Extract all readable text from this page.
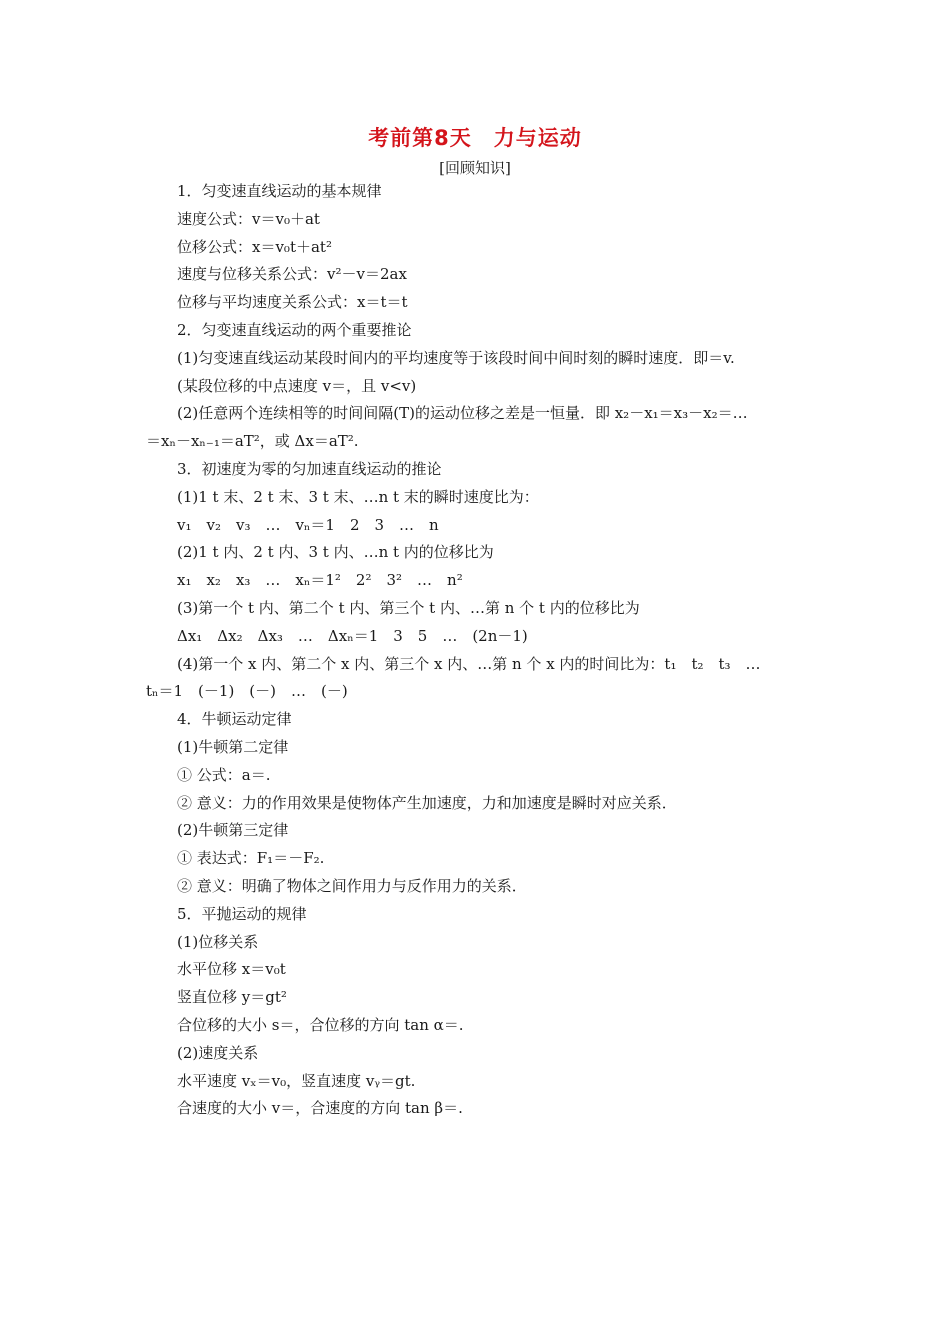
考前第8天　力与运动
[回顾知识]
1．匀变速直线运动的基本规律
速度公式：v＝v₀＋at
位移公式：x＝v₀t＋at²
速度与位移关系公式：v²－v＝2ax
位移与平均速度关系公式：x＝t＝t
2．匀变速直线运动的两个重要推论
(1)匀变速直线运动某段时间内的平均速度等于该段时间中间时刻的瞬时速度．即＝v.
(某段位移的中点速度 v＝，且 v<v)
(2)任意两个连续相等的时间间隔(T)的运动位移之差是一恒量．即 x₂－x₁＝x₃－x₂＝…
＝xₙ－xₙ₋₁＝aT²，或 Δx＝aT².
3．初速度为零的匀加速直线运动的推论
(1)1 t 末、2 t 末、3 t 末、…n t 末的瞬时速度比为：
v₁　v₂　v₃　…　vₙ＝1　2　3　…　n
(2)1 t 内、2 t 内、3 t 内、…n t 内的位移比为
x₁　x₂　x₃　…　xₙ＝1²　2²　3²　…　n²
(3)第一个 t 内、第二个 t 内、第三个 t 内、…第 n 个 t 内的位移比为
Δx₁　Δx₂　Δx₃　…　Δxₙ＝1　3　5　…　(2n－1)
(4)第一个 x 内、第二个 x 内、第三个 x 内、…第 n 个 x 内的时间比为：t₁　t₂　t₃　…
tₙ＝1　(－1)　(－)　…　(－)
4．牛顿运动定律
(1)牛顿第二定律
① 公式：a＝.
② 意义：力的作用效果是使物体产生加速度，力和加速度是瞬时对应关系．
(2)牛顿第三定律
① 表达式：F₁＝－F₂.
② 意义：明确了物体之间作用力与反作用力的关系．
5．平抛运动的规律
(1)位移关系
水平位移 x＝v₀t
竖直位移 y＝gt²
合位移的大小 s＝，合位移的方向 tan α＝.
(2)速度关系
水平速度 vₓ＝v₀，竖直速度 vᵧ＝gt.
合速度的大小 v＝，合速度的方向 tan β＝.
